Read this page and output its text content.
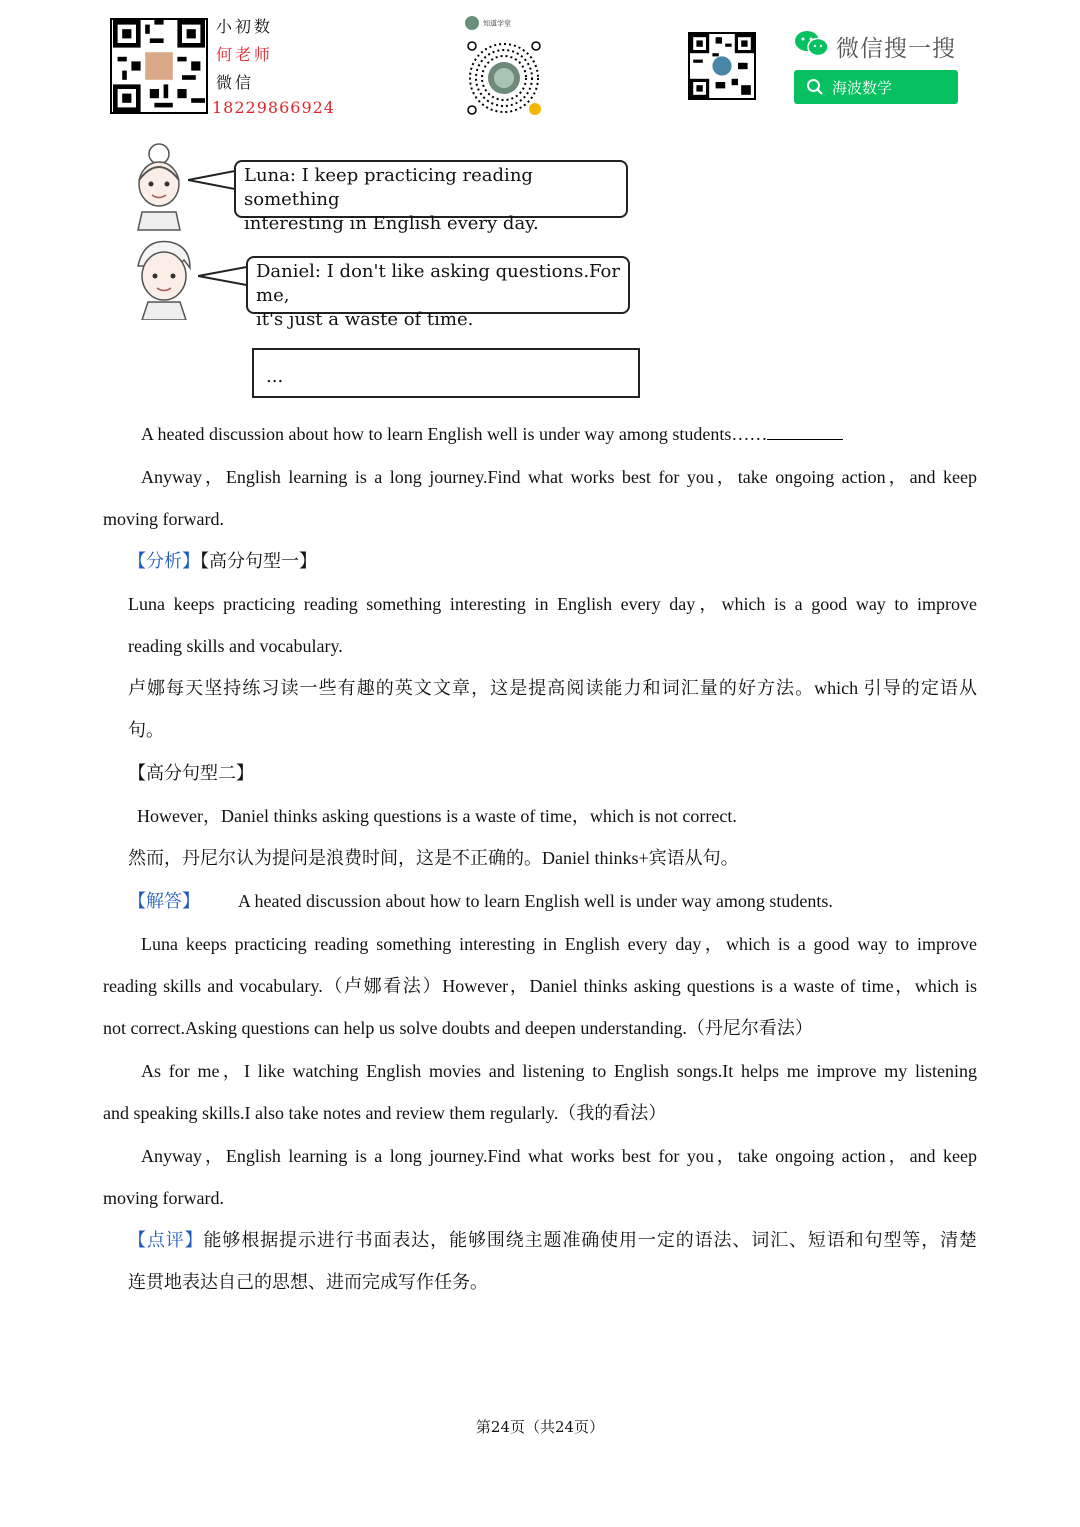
小初数
何老师
微信
18229866924
知道学堂
微信搜一搜
海波数学
Luna: I keep practicing reading something
interesting in English every day.
Daniel: I don't like asking questions.For me,
it's just a waste of time.
...
A heated discussion about how to learn English well is under way among students……
Anyway，English learning is a long journey.Find what works best for you，take ongoing action，and keep
moving forward.
【分析】【高分句型一】
Luna keeps practicing reading something interesting in English every day，which is a good way to improve
reading skills and vocabulary.
卢娜每天坚持练习读一些有趣的英文文章，这是提高阅读能力和词汇量的好方法。which 引导的定语从
句。
【高分句型二】
However，Daniel thinks asking questions is a waste of time，which is not correct.
然而，丹尼尔认为提问是浪费时间，这是不正确的。Daniel thinks+宾语从句。
【解答】 A heated discussion about how to learn English well is under way among students.
Luna keeps practicing reading something interesting in English every day，which is a good way to improve
reading skills and vocabulary.（卢娜看法）However，Daniel thinks asking questions is a waste of time，which is
not correct.Asking questions can help us solve doubts and deepen understanding.（丹尼尔看法）
As for me，I like watching English movies and listening to English songs.It helps me improve my listening
and speaking skills.I also take notes and review them regularly.（我的看法）
Anyway，English learning is a long journey.Find what works best for you，take ongoing action，and keep
moving forward.
【点评】能够根据提示进行书面表达，能够围绕主题准确使用一定的语法、词汇、短语和句型等，清楚
连贯地表达自己的思想、进而完成写作任务。
第24页（共24页）
